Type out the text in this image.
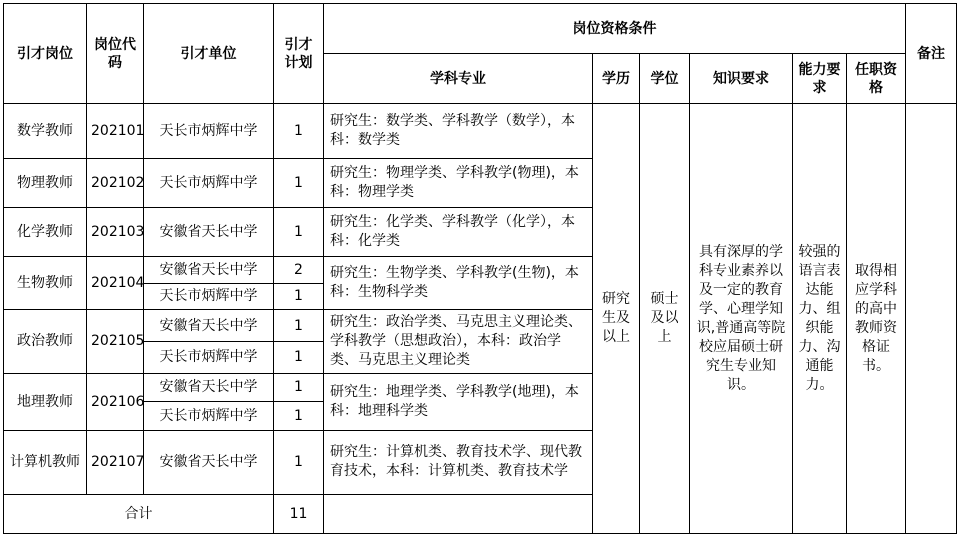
引才岗位	岗位代码	引才单位	引才计划	岗位资格条件						备注	
				学科专业	学历	学位	知识要求	能力要求	任职资格		
数学教师	202101	天长市炳辉中学	1	研究生：数学类、学科教学（数学），本科：数学类	研究生及以上	硕士及以上	具有深厚的学科专业素养以及一定的教育学、心理学知识,普通高等院校应届硕士研究生专业知识。	较强的语言表达能力、组织能力、沟通能力。	取得相应学科的高中教师资格证书。		
物理教师	202102	天长市炳辉中学	1	研究生：物理学类、学科教学(物理)，本科：物理学类							
化学教师	202103	安徽省天长中学	1	研究生：化学类、学科教学（化学），本科：化学类							
生物教师	202104	安徽省天长中学	2	研究生：生物学类、学科教学(生物)，本科：生物科学类							
		天长市炳辉中学	1								
政治教师	202105	安徽省天长中学	1	研究生：政治学类、马克思主义理论类、学科教学（思想政治），本科：政治学类、马克思主义理论类							
		天长市炳辉中学	1								
地理教师	202106	安徽省天长中学	1	研究生：地理学类、学科教学(地理)，本科：地理科学类							
		天长市炳辉中学	1								
计算机教师	202107	安徽省天长中学	1	研究生：计算机类、教育技术学、现代教育技术，本科：计算机类、教育技术学							
合计			11								
